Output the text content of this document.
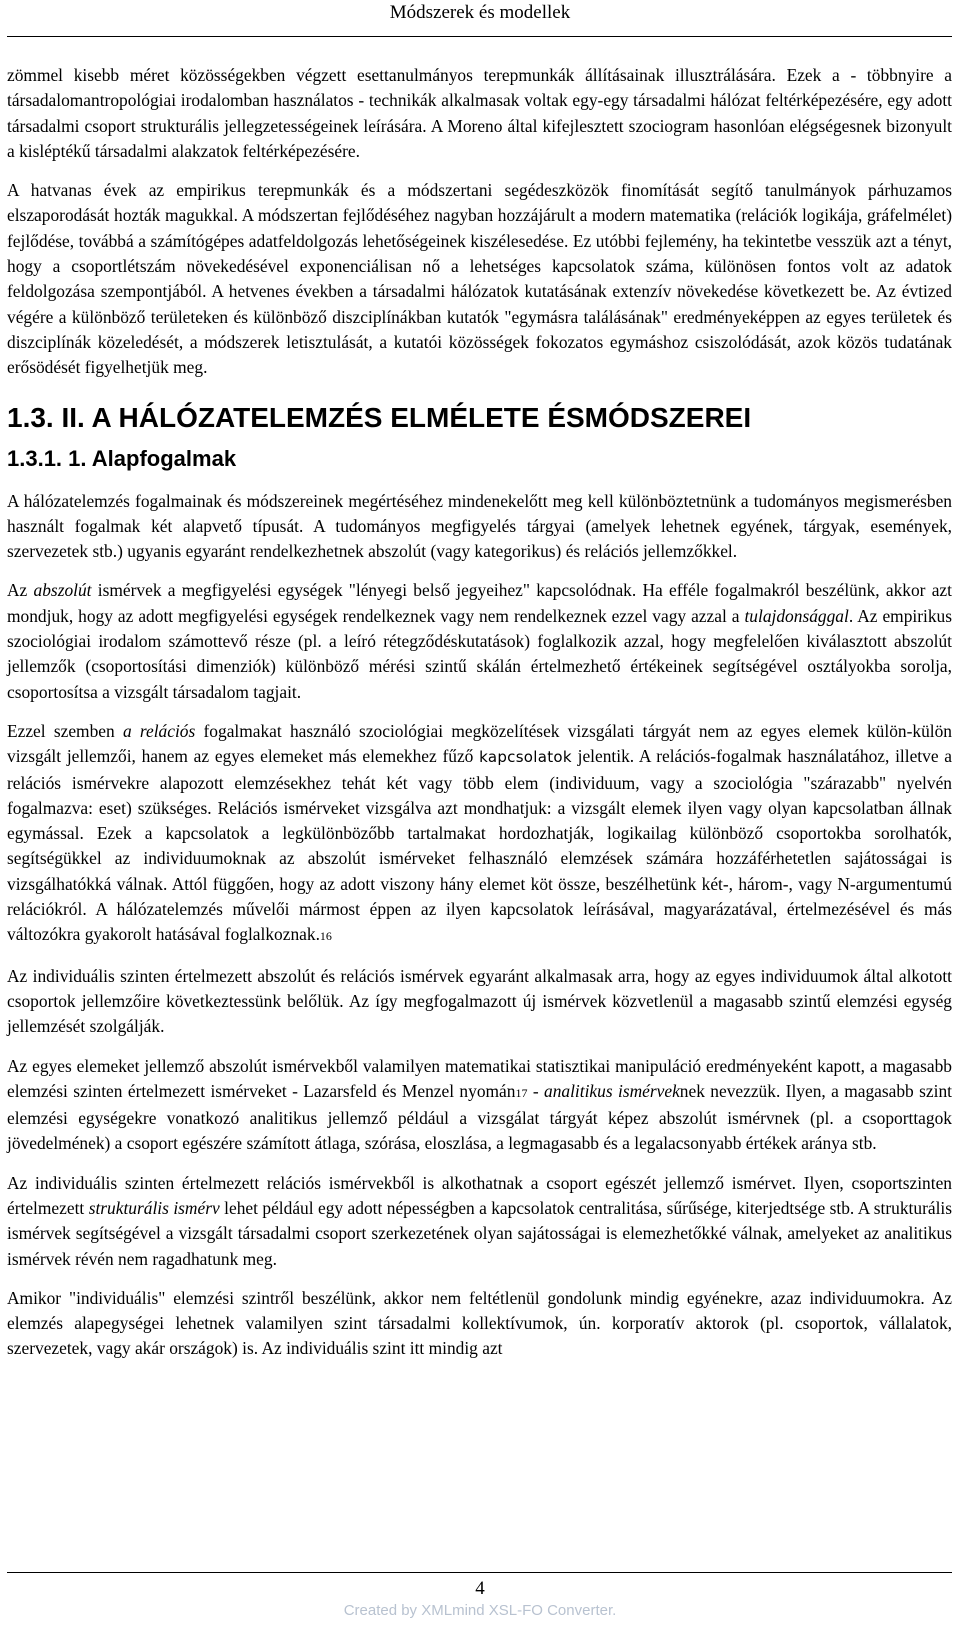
Módszerek és modellek

zömmel kisebb méret közösségekben végzett esettanulmányos terepmunkák állításainak illusztrálására. Ezek a - többnyire a társadalomantropológiai irodalomban használatos - technikák alkalmasak voltak egy-egy társadalmi hálózat feltérképezésére, egy adott társadalmi csoport strukturális jellegzetességeinek leírására. A Moreno által kifejlesztett szociogram hasonlóan elégségesnek bizonyult a kisléptékű társadalmi alakzatok feltérképezésére.

A hatvanas évek az empirikus terepmunkák és a módszertani segédeszközök finomítását segítő tanulmányok párhuzamos elszaporodását hozták magukkal. A módszertan fejlődéséhez nagyban hozzájárult a modern matematika (relációk logikája, gráfelmélet) fejlődése, továbbá a számítógépes adatfeldolgozás lehetőségeinek kiszélesedése. Ez utóbbi fejlemény, ha tekintetbe vesszük azt a tényt, hogy a csoportlétszám növekedésével exponenciálisan nő a lehetséges kapcsolatok száma, különösen fontos volt az adatok feldolgozása szempontjából. A hetvenes években a társadalmi hálózatok kutatásának extenzív növekedése következett be. Az évtized végére a különböző területeken és különböző diszciplínákban kutatók "egymásra találásának" eredményeképpen az egyes területek és diszciplínák közeledését, a módszerek letisztulását, a kutatói közösségek fokozatos egymáshoz csiszolódását, azok közös tudatának erősödését figyelhetjük meg.

1.3. II. A HÁLÓZATELEMZÉS ELMÉLETE ÉSMÓDSZEREI
1.3.1. 1. Alapfogalmak

A hálózatelemzés fogalmainak és módszereinek megértéséhez mindenekelőtt meg kell különböztetnünk a tudományos megismerésben használt fogalmak két alapvető típusát. A tudományos megfigyelés tárgyai (amelyek lehetnek egyének, tárgyak, események, szervezetek stb.) ugyanis egyaránt rendelkezhetnek abszolút (vagy kategorikus) és relációs jellemzőkkel.

Az abszolút ismérvek a megfigyelési egységek "lényegi belső jegyeihez" kapcsolódnak. Ha efféle fogalmakról beszélünk, akkor azt mondjuk, hogy az adott megfigyelési egységek rendelkeznek vagy nem rendelkeznek ezzel vagy azzal a tulajdonsággal. Az empirikus szociológiai irodalom számottevő része (pl. a leíró rétegződéskutatások) foglalkozik azzal, hogy megfelelően kiválasztott abszolút jellemzők (csoportosítási dimenziók) különböző mérési szintű skálán értelmezhető értékeinek segítségével osztályokba sorolja, csoportosítsa a vizsgált társadalom tagjait.

Ezzel szemben a relációs fogalmakat használó szociológiai megközelítések vizsgálati tárgyát nem az egyes elemek külön-külön vizsgált jellemzői, hanem az egyes elemeket más elemekhez fűző kapcsolatok jelentik. A relációs-fogalmak használatához, illetve a relációs ismérvekre alapozott elemzésekhez tehát két vagy több elem (individuum, vagy a szociológia "szárazabb" nyelvén fogalmazva: eset) szükséges. Relációs ismérveket vizsgálva azt mondhatjuk: a vizsgált elemek ilyen vagy olyan kapcsolatban állnak egymással. Ezek a kapcsolatok a legkülönbözőbb tartalmakat hordozhatják, logikailag különböző csoportokba sorolhatók, segítségükkel az individuumoknak az abszolút ismérveket felhasználó elemzések számára hozzáférhetetlen sajátosságai is vizsgálhatókká válnak. Attól függően, hogy az adott viszony hány elemet köt össze, beszélhetünk két-, három-, vagy N-argumentumú relációkról. A hálózatelemzés művelői mármost éppen az ilyen kapcsolatok leírásával, magyarázatával, értelmezésével és más változókra gyakorolt hatásával foglalkoznak.16

Az individuális szinten értelmezett abszolút és relációs ismérvek egyaránt alkalmasak arra, hogy az egyes individuumok által alkotott csoportok jellemzőire következtessünk belőlük. Az így megfogalmazott új ismérvek közvetlenül a magasabb szintű elemzési egység jellemzését szolgálják.

Az egyes elemeket jellemző abszolút ismérvekből valamilyen matematikai statisztikai manipuláció eredményeként kapott, a magasabb elemzési szinten értelmezett ismérveket - Lazarsfeld és Menzel nyomán17 - analitikus ismérveknek nevezzük. Ilyen, a magasabb szint elemzési egységekre vonatkozó analitikus jellemző például a vizsgálat tárgyát képez abszolút ismérvnek (pl. a csoporttagok jövedelmének) a csoport egészére számított átlaga, szórása, eloszlása, a legmagasabb és a legalacsonyabb értékek aránya stb.

Az individuális szinten értelmezett relációs ismérvekből is alkothatnak a csoport egészét jellemző ismérvet. Ilyen, csoportszinten értelmezett strukturális ismérv lehet például egy adott népességben a kapcsolatok centralitása, sűrűsége, kiterjedtsége stb. A strukturális ismérvek segítségével a vizsgált társadalmi csoport szerkezetének olyan sajátosságai is elemezhetőkké válnak, amelyeket az analitikus ismérvek révén nem ragadhatunk meg.

Amikor "individuális" elemzési szintről beszélünk, akkor nem feltétlenül gondolunk mindig egyénekre, azaz individuumokra. Az elemzés alapegységei lehetnek valamilyen szint társadalmi kollektívumok, ún. korporatív aktorok (pl. csoportok, vállalatok, szervezetek, vagy akár országok) is. Az individuális szint itt mindig azt

4
Created by XMLmind XSL-FO Converter.
